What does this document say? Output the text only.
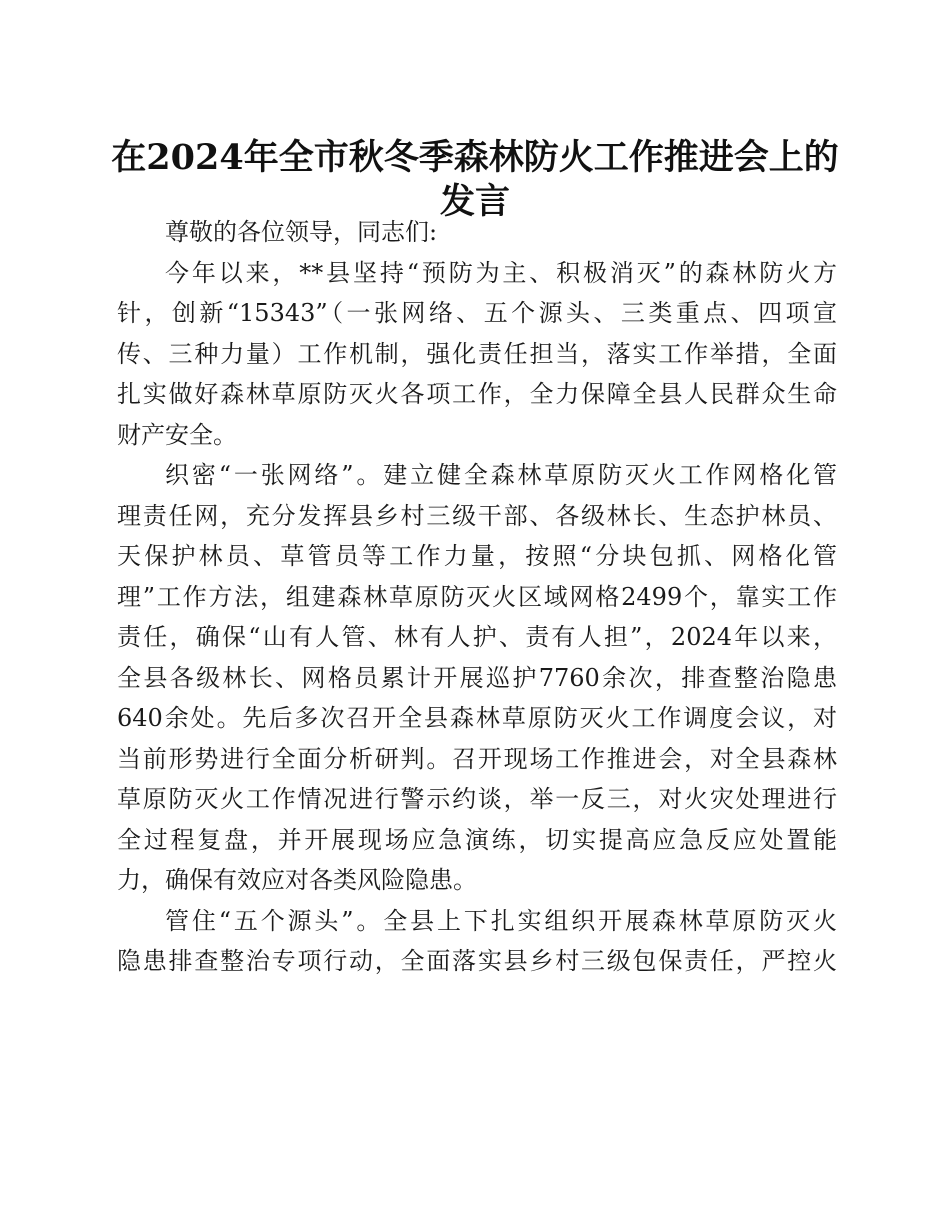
在2024年全市秋冬季森林防火工作推进会上的
发言
尊敬的各位领导，同志们:
今年以来，**县坚持“预防为主、积极消灭”的森林防火方
针，创新“15343”（一张网络、五个源头、三类重点、四项宣
传、三种力量）工作机制，强化责任担当，落实工作举措，全面
扎实做好森林草原防灭火各项工作，全力保障全县人民群众生命
财产安全。
织密“一张网络”。建立健全森林草原防灭火工作网格化管
理责任网，充分发挥县乡村三级干部、各级林长、生态护林员、
天保护林员、草管员等工作力量，按照“分块包抓、网格化管
理”工作方法，组建森林草原防灭火区域网格2499个，靠实工作
责任，确保“山有人管、林有人护、责有人担”，2024年以来，
全县各级林长、网格员累计开展巡护7760余次，排查整治隐患
640余处。先后多次召开全县森林草原防灭火工作调度会议，对
当前形势进行全面分析研判。召开现场工作推进会，对全县森林
草原防灭火工作情况进行警示约谈，举一反三，对火灾处理进行
全过程复盘，并开展现场应急演练，切实提高应急反应处置能
力，确保有效应对各类风险隐患。
管住“五个源头”。全县上下扎实组织开展森林草原防灭火
隐患排查整治专项行动，全面落实县乡村三级包保责任，严控火
